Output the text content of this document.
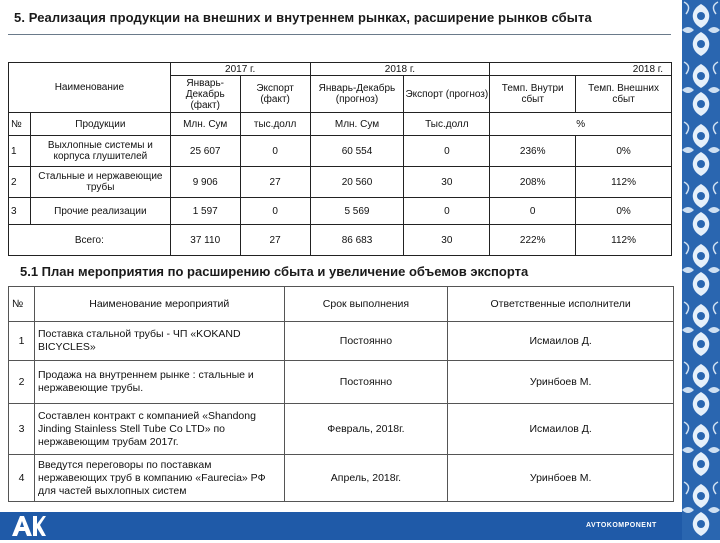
5. Реализация продукции на внешних и внутреннем рынках, расширение рынков сбыта
Наименование		2017 г.		2018 г.		2018 г.	
		Январь-Декабрь (факт)	Экспорт (факт)	Январь-Декабрь (прогноз)	Экспорт (прогноз)	Темп. Внутри сбыт	Темп. Внешних сбыт
№	Продукции	Млн. Сум	тыс.долл	Млн. Сум	Тыс.долл	%	
1	Выхлопные системы и корпуса глушителей	25 607	0	60 554	0	236%	0%
2	Стальные и нержавеющие трубы	9 906	27	20 560	30	208%	112%
3	Прочие реализации	1 597	0	5 569	0	0	0%
Всего:		37 110	27	86 683	30	222%	112%
5.1 План мероприятия по расширению сбыта и увеличение объемов экспорта
№	Наименование мероприятий	Срок выполнения	Ответственные исполнители
1	Поставка стальной трубы - ЧП «KOKAND BICYCLES»	Постоянно	Исмаилов Д.
2	Продажа на внутреннем рынке : стальные и нержавеющие трубы.	Постоянно	Уринбоев М.
3	Составлен контракт с компанией «Shandong Jinding Stainless Stell Tube Co LTD» по нержавеющим трубам 2017г.	Февраль, 2018г.	Исмаилов Д.
4	Введутся переговоры по поставкам нержавеющих труб в компанию «Faurecia» РФ для частей выхлопных систем	Апрель, 2018г.	Уринбоев М.
AVTOKOMPONENT
